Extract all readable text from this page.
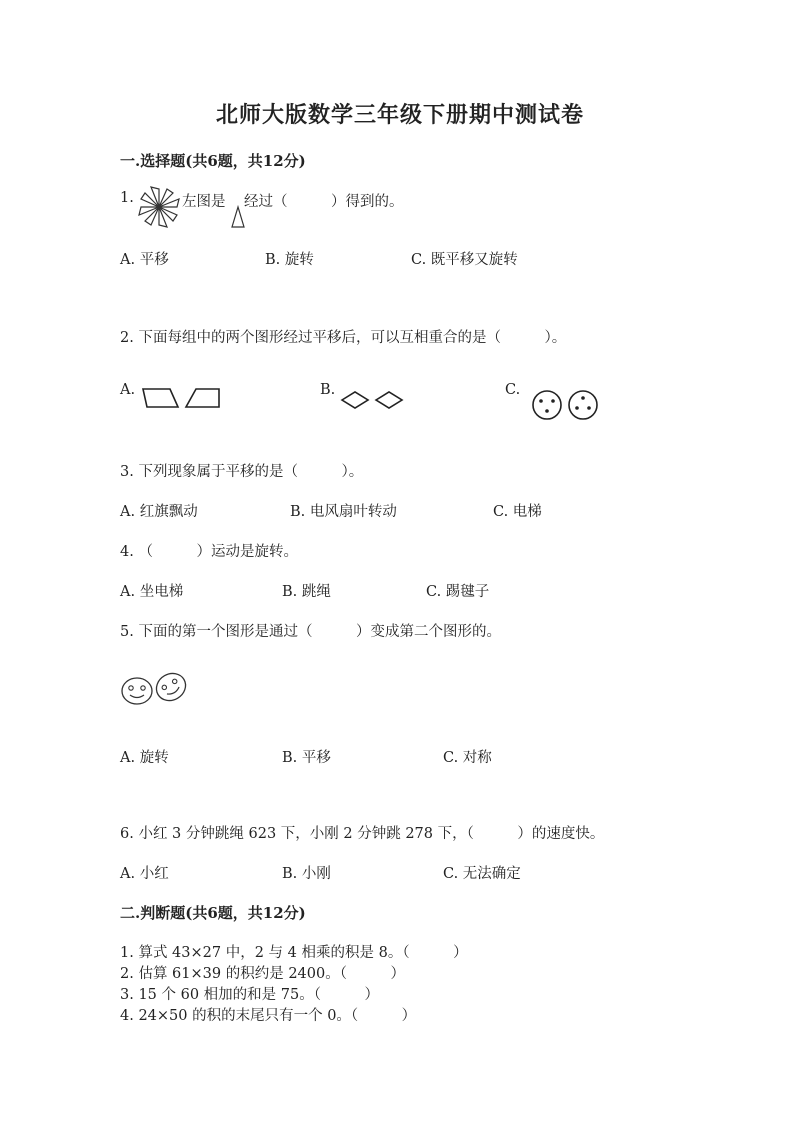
北师大版数学三年级下册期中测试卷
一.选择题(共6题，共12分)
1.	左图是 经过（　　　）得到的。
A. 平移	B. 旋转	C. 既平移又旋转
2. 下面每组中的两个图形经过平移后，可以互相重合的是（　　　）。
A.	B.	C.
3. 下列现象属于平移的是（　　　）。
A. 红旗飘动	B. 电风扇叶转动	C. 电梯
4. （　　　）运动是旋转。
A. 坐电梯	B. 跳绳	C. 踢毽子
5. 下面的第一个图形是通过（　　　）变成第二个图形的。
A. 旋转	B. 平移	C. 对称
6. 小红 3 分钟跳绳 623 下，小刚 2 分钟跳 278 下，（　　　）的速度快。
A. 小红	B. 小刚	C. 无法确定
二.判断题(共6题，共12分)
1. 算式 43×27 中，2 与 4 相乘的积是 8。（　　　）
2. 估算 61×39 的积约是 2400。（　　　）
3. 15 个 60 相加的和是 75。（　　　）
4. 24×50 的积的末尾只有一个 0。（　　　）
